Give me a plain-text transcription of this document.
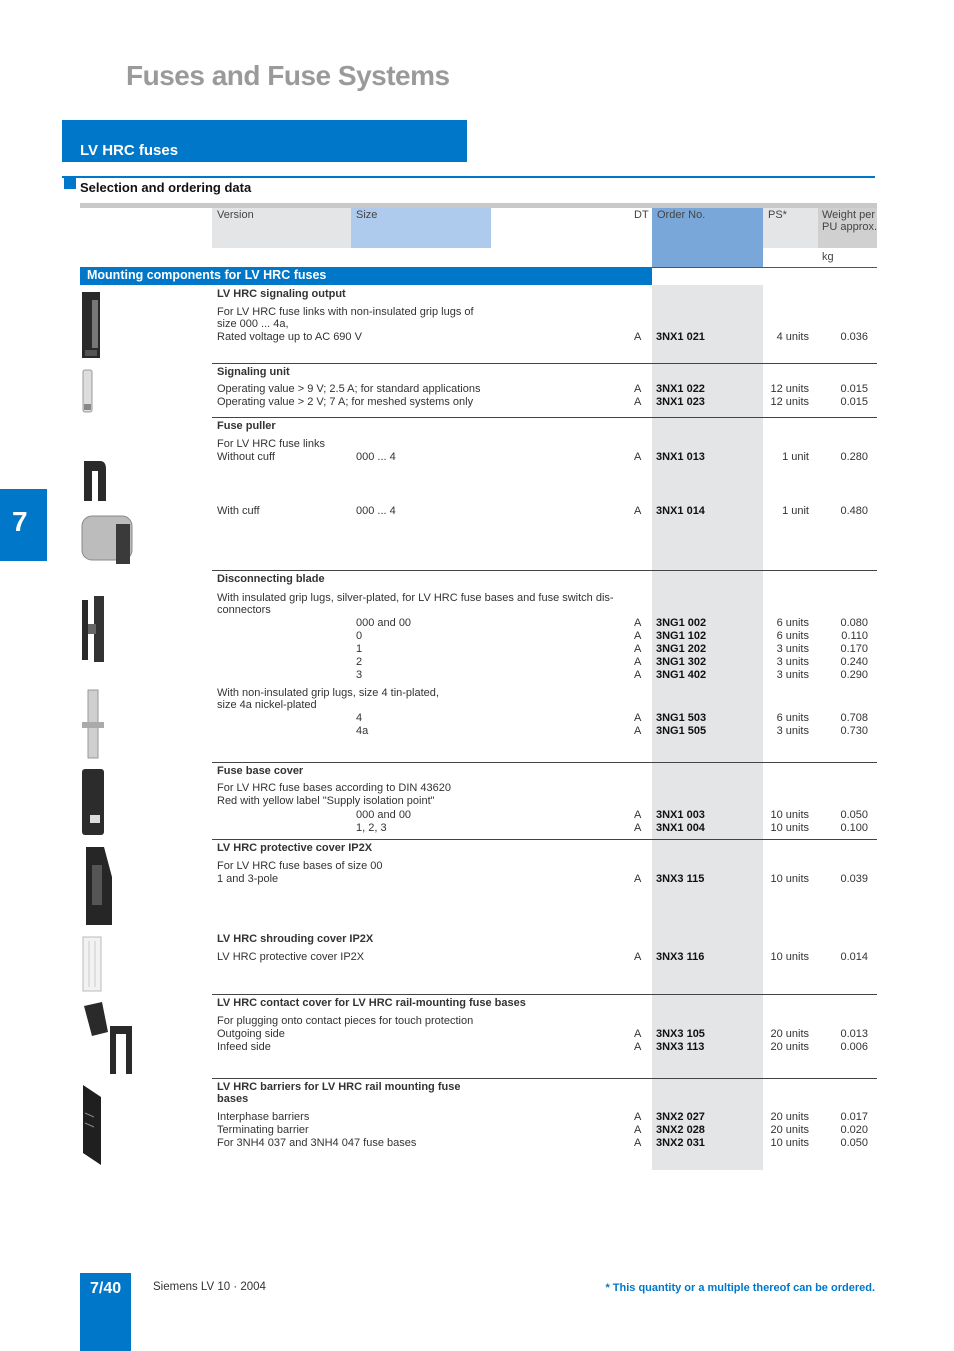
Fuses and Fuse Systems
LV HRC fuses
Selection and ordering data
Version	Size	DT Order No.	PS*	Weight per PU approx.
kg
Mounting components for LV HRC fuses
LV HRC signaling output
For LV HRC fuse links with non-insulated grip lugs of
size 000 ... 4a,
Rated voltage up to AC 690 V	A 3NX1 021	4 units	0.036
Signaling unit
Operating value > 9 V; 2.5 A; for standard applications	A 3NX1 022	12 units	0.015
Operating value > 2 V; 7 A; for meshed systems only	A 3NX1 023	12 units	0.015
Fuse puller
For LV HRC fuse links
Without cuff	000 ... 4	A 3NX1 013	1 unit	0.280
With cuff	000 ... 4	A 3NX1 014	1 unit	0.480
Disconnecting blade
With insulated grip lugs, silver-plated, for LV HRC fuse bases and fuse switch dis-
connectors
000 and 00	A 3NG1 002	6 units	0.080
0	A 3NG1 102	6 units	0.110
1	A 3NG1 202	3 units	0.170
2	A 3NG1 302	3 units	0.240
3	A 3NG1 402	3 units	0.290
With non-insulated grip lugs, size 4 tin-plated,
size 4a nickel-plated
4	A 3NG1 503	6 units	0.708
4a	A 3NG1 505	3 units	0.730
Fuse base cover
For LV HRC fuse bases according to DIN 43620
Red with yellow label "Supply isolation point"
000 and 00	A 3NX1 003	10 units	0.050
1, 2, 3	A 3NX1 004	10 units	0.100
LV HRC protective cover IP2X
For LV HRC fuse bases of size 00
1 and 3-pole	A 3NX3 115	10 units	0.039
LV HRC shrouding cover IP2X
LV HRC protective cover IP2X	A 3NX3 116	10 units	0.014
LV HRC contact cover for LV HRC rail-mounting fuse bases
For plugging onto contact pieces for touch protection
Outgoing side	A 3NX3 105	20 units	0.013
Infeed side	A 3NX3 113	20 units	0.006
LV HRC barriers for LV HRC rail mounting fuse
bases
Interphase barriers	A 3NX2 027	20 units	0.017
Terminating barrier	A 3NX2 028	20 units	0.020
For 3NH4 037 and 3NH4 047 fuse bases	A 3NX2 031	10 units	0.050
7
7/40	Siemens LV 10 · 2004	* This quantity or a multiple thereof can be ordered.
